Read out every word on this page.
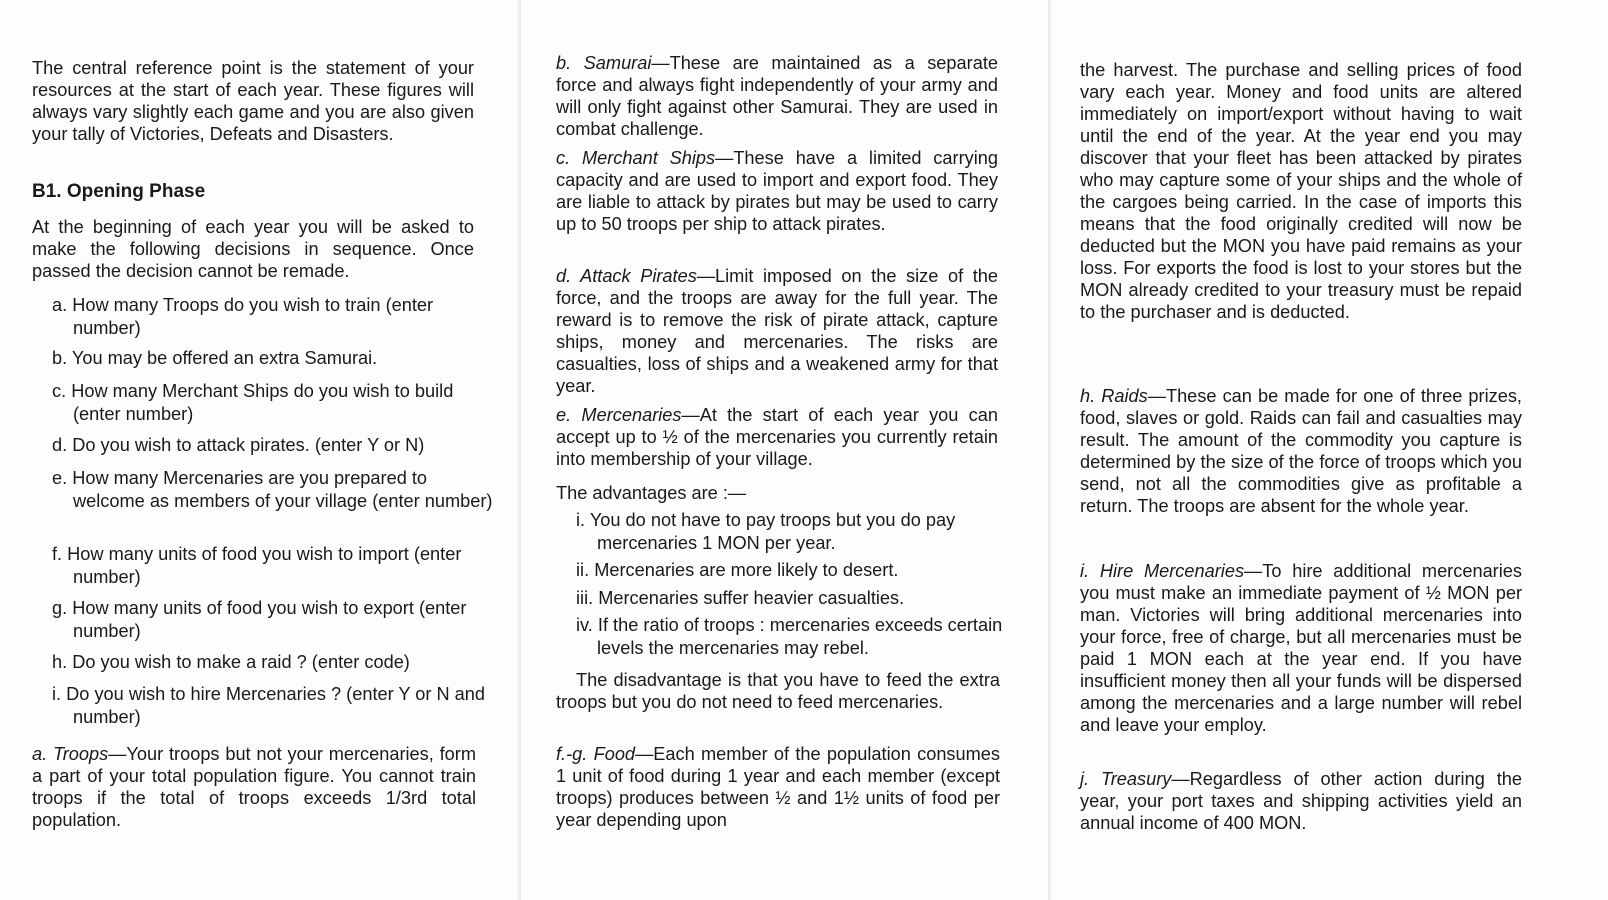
The central reference point is the statement of your resources at the start of each year. These figures will always vary slightly each game and you are also given your tally of Victories, Defeats and Disasters.

B1. Opening Phase

At the beginning of each year you will be asked to make the following decisions in sequence. Once passed the decision cannot be remade.

a. How many Troops do you wish to train (enter number)

b. You may be offered an extra Samurai.

c. How many Merchant Ships do you wish to build (enter number)

d. Do you wish to attack pirates. (enter Y or N)

e. How many Mercenaries are you prepared to welcome as members of your village (enter number)

f. How many units of food you wish to import (enter number)

g. How many units of food you wish to export (enter number)

h. Do you wish to make a raid ? (enter code)

i. Do you wish to hire Mercenaries ? (enter Y or N and number)

a. Troops—Your troops but not your mercenaries, form a part of your total population figure. You cannot train troops if the total of troops exceeds 1/3rd total population.

b. Samurai—These are maintained as a separate force and always fight independently of your army and will only fight against other Samurai. They are used in combat challenge.

c. Merchant Ships—These have a limited carrying capacity and are used to import and export food. They are liable to attack by pirates but may be used to carry up to 50 troops per ship to attack pirates.

d. Attack Pirates—Limit imposed on the size of the force, and the troops are away for the full year. The reward is to remove the risk of pirate attack, capture ships, money and mercenaries. The risks are casualties, loss of ships and a weakened army for that year.

e. Mercenaries—At the start of each year you can accept up to ½ of the mercenaries you currently retain into membership of your village.

The advantages are :—

i. You do not have to pay troops but you do pay mercenaries 1 MON per year.

ii. Mercenaries are more likely to desert.

iii. Mercenaries suffer heavier casualties.

iv. If the ratio of troops : mercenaries exceeds certain levels the mercenaries may rebel.

The disadvantage is that you have to feed the extra troops but you do not need to feed mercenaries.

f.-g. Food—Each member of the population consumes 1 unit of food during 1 year and each member (except troops) produces between ½ and 1½ units of food per year depending upon

the harvest. The purchase and selling prices of food vary each year. Money and food units are altered immediately on import/export without having to wait until the end of the year. At the year end you may discover that your fleet has been attacked by pirates who may capture some of your ships and the whole of the cargoes being carried. In the case of imports this means that the food originally credited will now be deducted but the MON you have paid remains as your loss. For exports the food is lost to your stores but the MON already credited to your treasury must be repaid to the purchaser and is deducted.

h. Raids—These can be made for one of three prizes, food, slaves or gold. Raids can fail and casualties may result. The amount of the commodity you capture is determined by the size of the force of troops which you send, not all the commodities give as profitable a return. The troops are absent for the whole year.

i. Hire Mercenaries—To hire additional mercenaries you must make an immediate payment of ½ MON per man. Victories will bring additional mercenaries into your force, free of charge, but all mercenaries must be paid 1 MON each at the year end. If you have insufficient money then all your funds will be dispersed among the mercenaries and a large number will rebel and leave your employ.

j. Treasury—Regardless of other action during the year, your port taxes and shipping activities yield an annual income of 400 MON.
